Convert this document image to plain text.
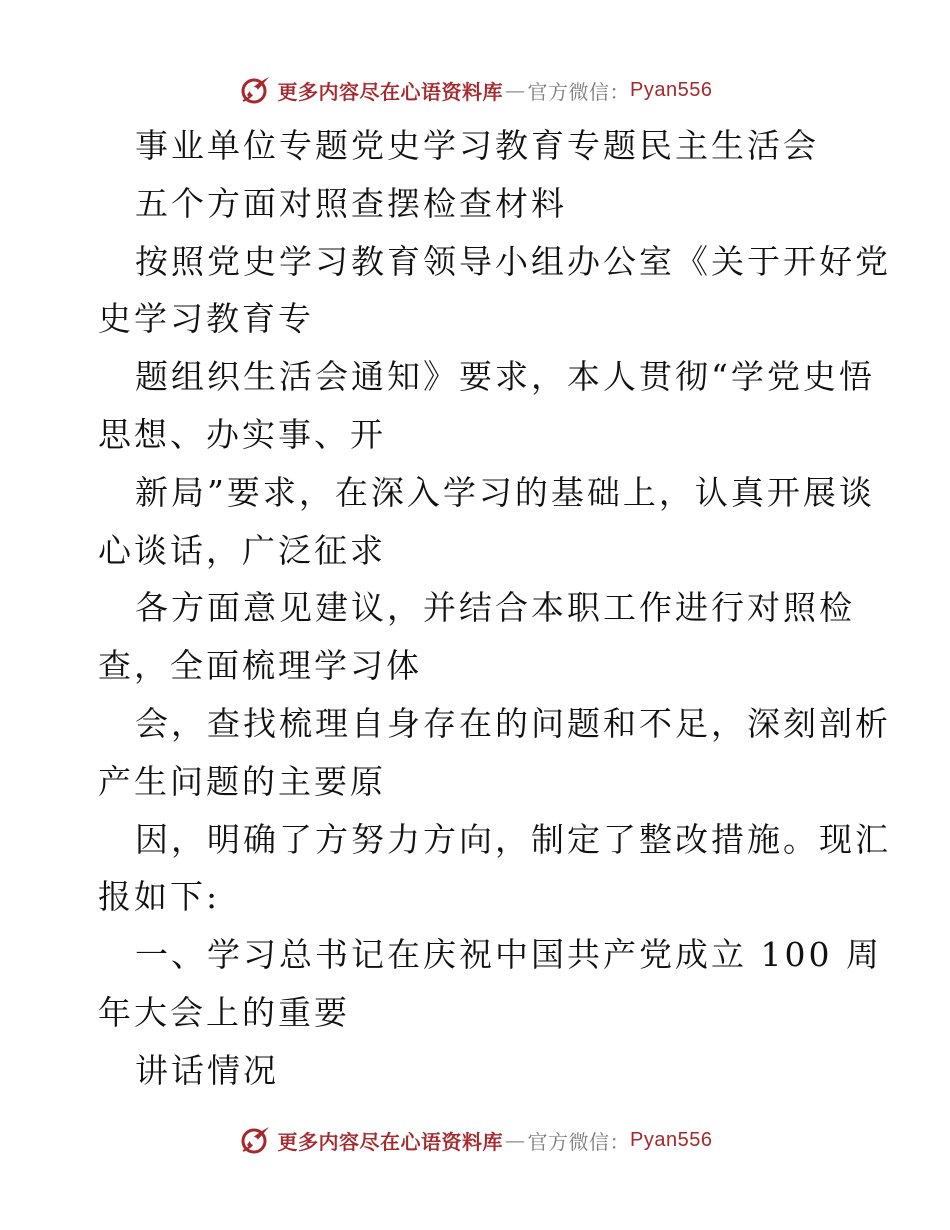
更多内容尽在心语资料库 — 官方微信： Pyan556
事业单位专题党史学习教育专题民主生活会
五个方面对照查摆检查材料
按照党史学习教育领导小组办公室《关于开好党
史学习教育专
题组织生活会通知》要求，本人贯彻“学党史悟
思想、办实事、开
新局”要求，在深入学习的基础上，认真开展谈
心谈话，广泛征求
各方面意见建议，并结合本职工作进行对照检
查，全面梳理学习体
会，查找梳理自身存在的问题和不足，深刻剖析
产生问题的主要原
因，明确了方努力方向，制定了整改措施。现汇
报如下:
一、学习总书记在庆祝中国共产党成立 100 周
年大会上的重要
讲话情况
更多内容尽在心语资料库 — 官方微信： Pyan556
